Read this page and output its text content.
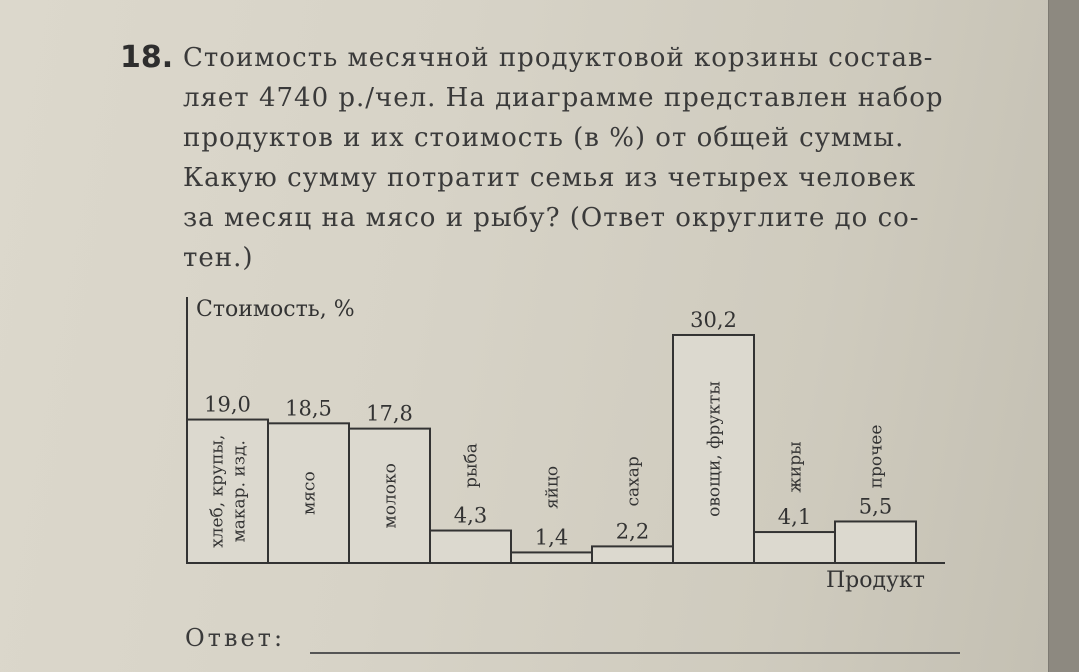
18. Стоимость месячной продуктовой корзины состав-
ляет 4740 р./чел. На диаграмме представлен набор
продуктов и их стоимость (в %) от общей суммы.
Какую сумму потратит семья из четырех человек
за месяц на мясо и рыбу? (Ответ округлите до со-
тен.)

Стоимость, %
Продукт
19,0
хлеб, крупы, макар. изд.
18,5
мясо
17,8
молоко	4,3
рыба
1,4
яйцо
2,2
сахар
30,2
овощи, фрукты
4,1
жиры
5,5
прочее
Ответ:
